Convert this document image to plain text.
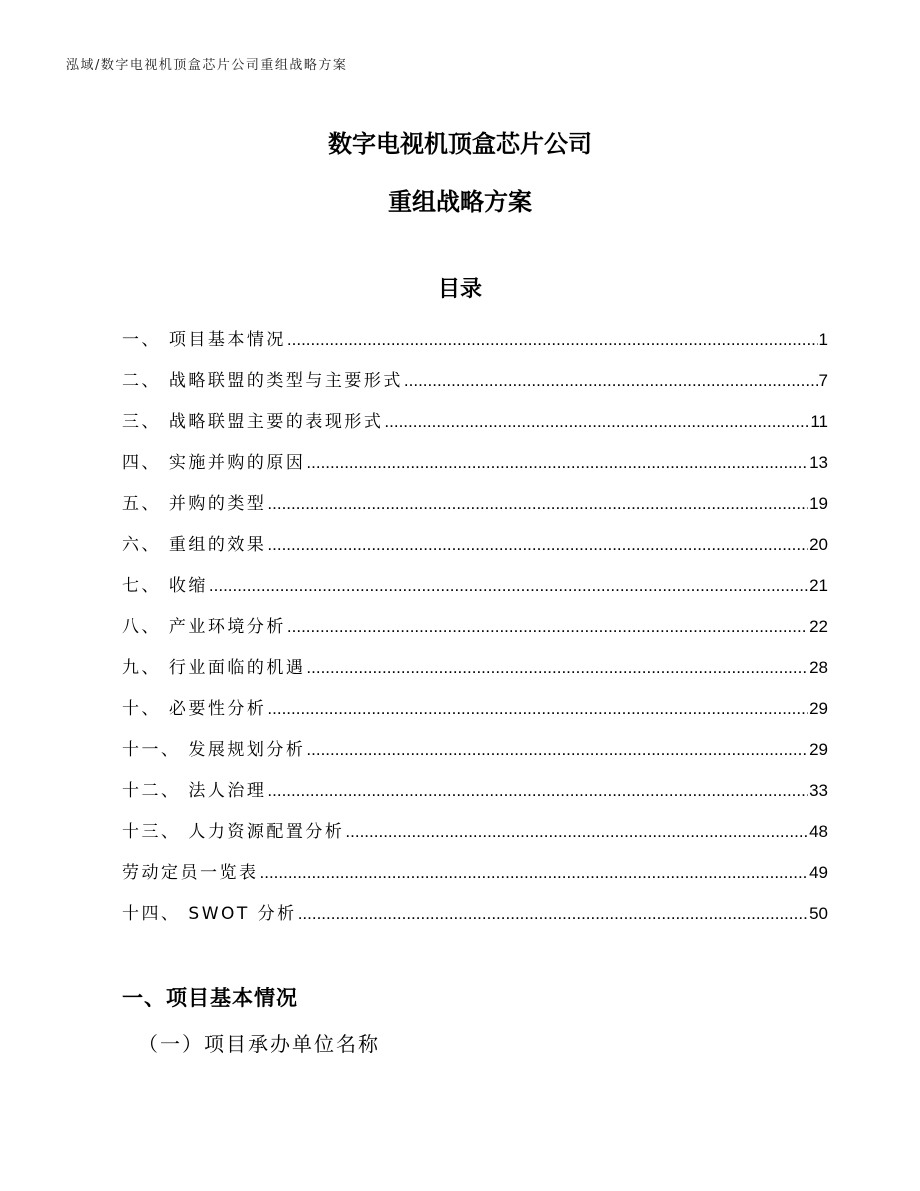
泓域/数字电视机顶盒芯片公司重组战略方案
数字电视机顶盒芯片公司
重组战略方案
目录
一、 项目基本情况 .....	1
二、 战略联盟的类型与主要形式 .....	7
三、 战略联盟主要的表现形式 .....	11
四、 实施并购的原因 .....	13
五、 并购的类型 .....	19
六、 重组的效果 .....	20
七、 收缩 .....	21
八、 产业环境分析 .....	22
九、 行业面临的机遇 .....	28
十、 必要性分析 .....	29
十一、 发展规划分析 .....	29
十二、 法人治理 .....	33
十三、 人力资源配置分析 .....	48
劳动定员一览表 .....	49
十四、 SWOT 分析 .....	50
一、项目基本情况
（一）项目承办单位名称
